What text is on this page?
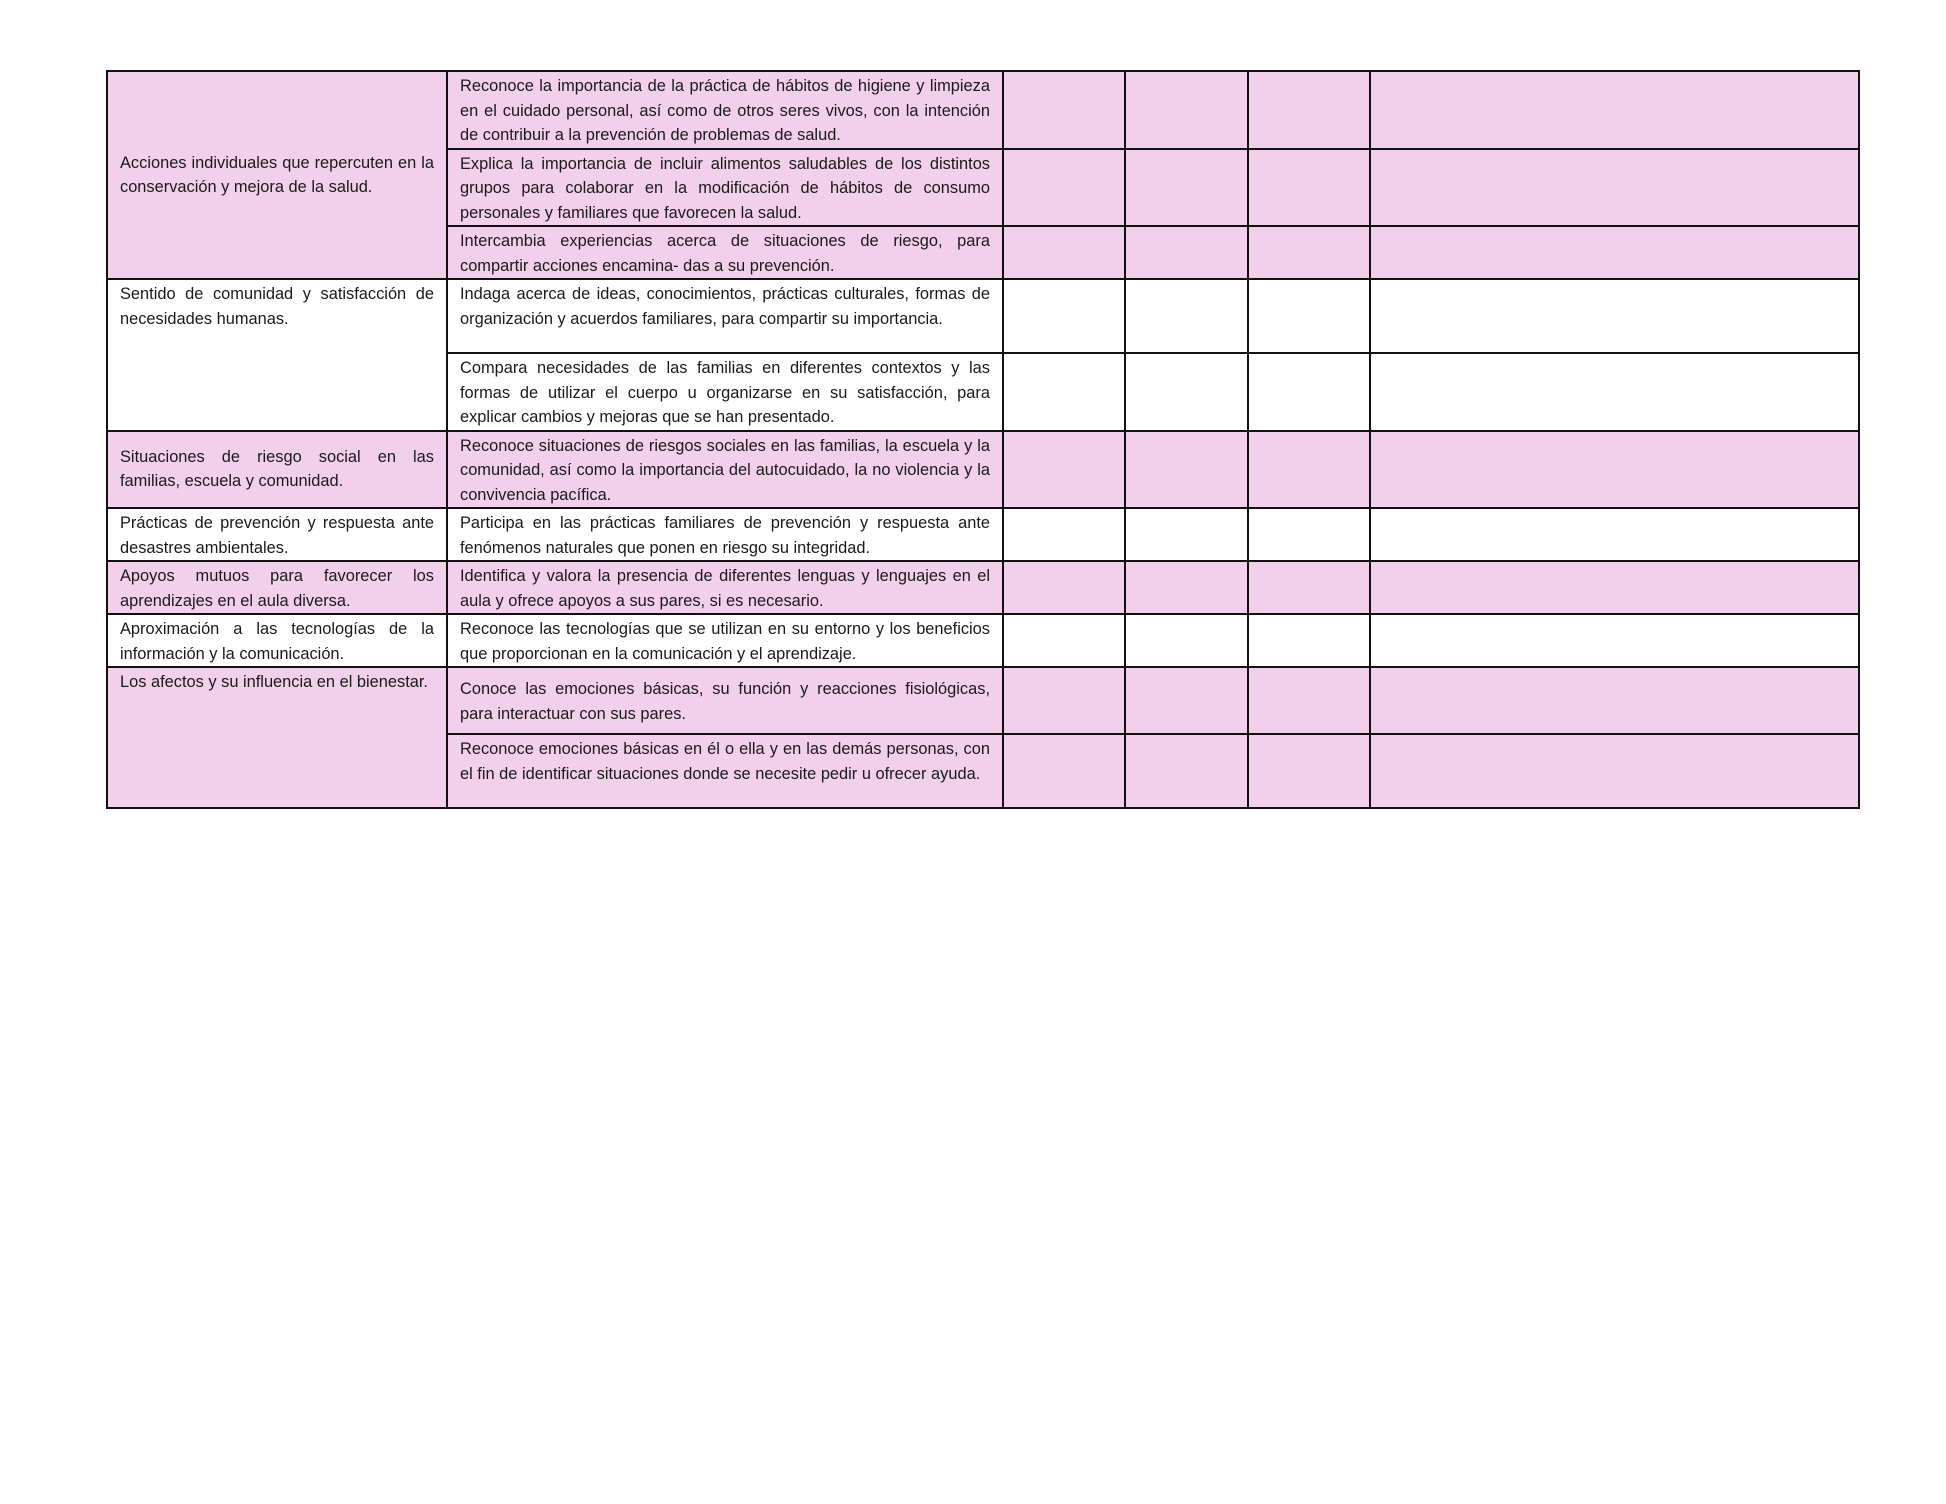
Acciones individuales que repercuten en la conservación y mejora de la salud.	Reconoce la importancia de la práctica de hábitos de higiene y limpieza en el cuidado personal, así como de otros seres vivos, con la intención de contribuir a la prevención de problemas de salud.				
	Explica la importancia de incluir alimentos saludables de los distintos grupos para colaborar en la modificación de hábitos de consumo personales y familiares que favorecen la salud.				
	Intercambia experiencias acerca de situaciones de riesgo, para compartir acciones encamina- das a su prevención.				
Sentido de comunidad y satisfacción de necesidades humanas.	Indaga acerca de ideas, conocimientos, prácticas culturales, formas de organización y acuerdos familiares, para compartir su importancia.				
	Compara necesidades de las familias en diferentes contextos y las formas de utilizar el cuerpo u organizarse en su satisfacción, para explicar cambios y mejoras que se han presentado.				
Situaciones de riesgo social en las familias, escuela y comunidad.	Reconoce situaciones de riesgos sociales en las familias, la escuela y la comunidad, así como la importancia del autocuidado, la no violencia y la convivencia pacífica.				
Prácticas de prevención y respuesta ante desastres ambientales.	Participa en las prácticas familiares de prevención y respuesta ante fenómenos naturales que ponen en riesgo su integridad.				
Apoyos mutuos para favorecer los aprendizajes en el aula diversa.	Identifica y valora la presencia de diferentes lenguas y lenguajes en el aula y ofrece apoyos a sus pares, si es necesario.				
Aproximación a las tecnologías de la información y la comunicación.	Reconoce las tecnologías que se utilizan en su entorno y los beneficios que proporcionan en la comunicación y el aprendizaje.				
Los afectos y su influencia en el bienestar.	Conoce las emociones básicas, su función y reacciones fisiológicas, para interactuar con sus pares.				
	Reconoce emociones básicas en él o ella y en las demás personas, con el fin de identificar situaciones donde se necesite pedir u ofrecer ayuda.				
